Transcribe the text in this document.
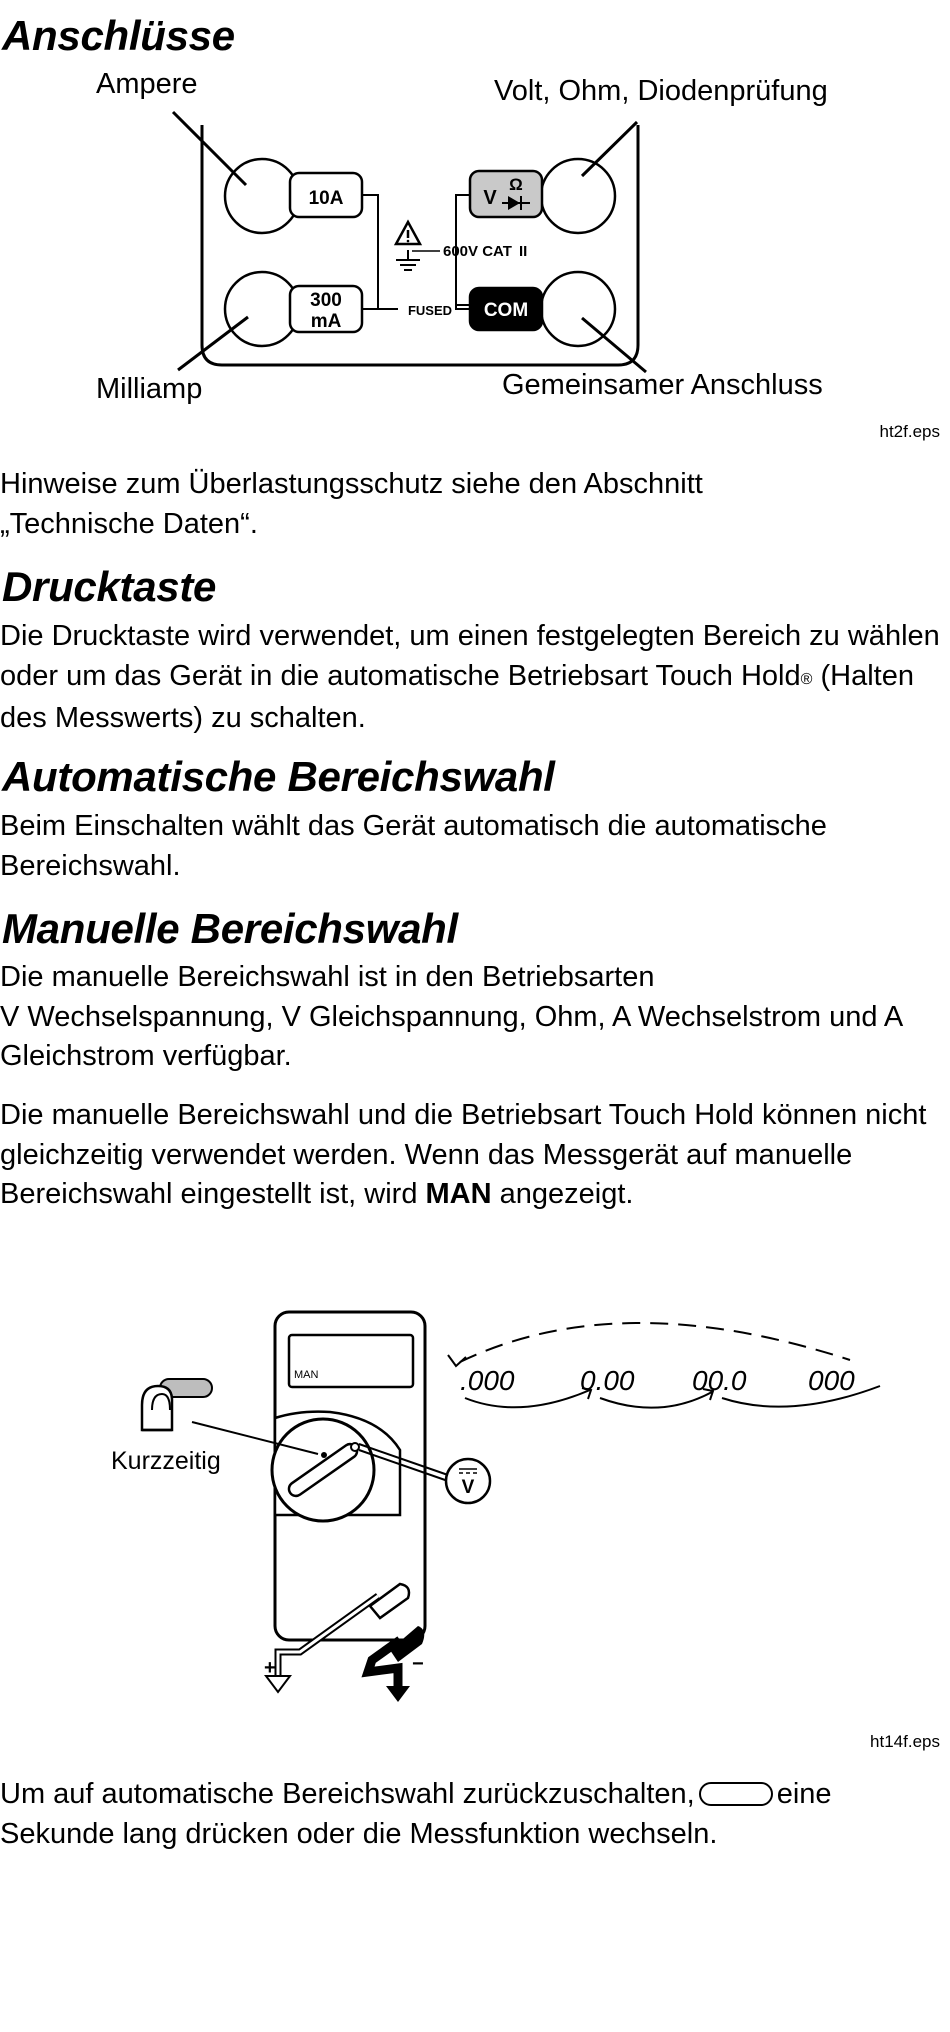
Anschlüsse
10A
300
mA
V
Ω
COM
FUSED
600V CAT II
Ampere	Volt, Ohm, Diodenprüfung
Milliamp	Gemeinsamer Anschluss
ht2f.eps

Hinweise zum Überlastungsschutz siehe den Abschnitt „Technische Daten“.

Drucktaste

Die Drucktaste wird verwendet, um einen festgelegten Bereich zu wählen oder um das Gerät in die automatische Betriebsart Touch Hold® (Halten des Messwerts) zu schalten.

Automatische Bereichswahl

Beim Einschalten wählt das Gerät automatisch die automatische Bereichswahl.

Manuelle Bereichswahl

Die manuelle Bereichswahl ist in den Betriebsarten
V Wechselspannung, V Gleichspannung, Ohm, A Wechselstrom und A Gleichstrom verfügbar.

Die manuelle Bereichswahl und die Betriebsart Touch Hold können nicht gleichzeitig verwendet werden. Wenn das Messgerät auf manuelle Bereichswahl eingestellt ist, wird MAN angezeigt.

MAN
V
Kurzzeitig
.000 0.00 00.0 000
+	−
ht14f.eps

Um auf automatische Bereichswahl zurückzuschalten,	eine Sekunde lang drücken oder die Messfunktion wechseln.
